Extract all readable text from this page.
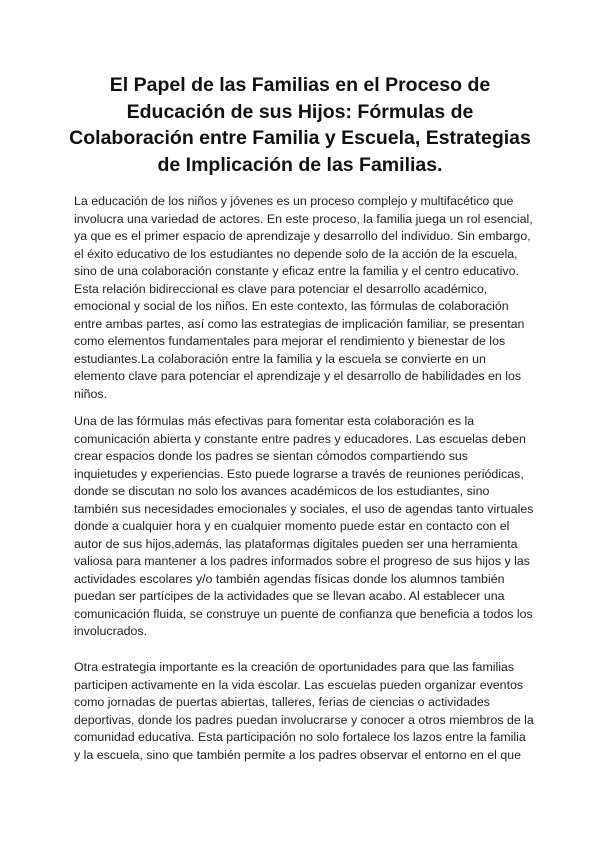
El Papel de las Familias en el Proceso de
Educación de sus Hijos: Fórmulas de
Colaboración entre Familia y Escuela, Estrategias
de Implicación de las Familias.

La educación de los niños y jóvenes es un proceso complejo y multifacético que
involucra una variedad de actores. En este proceso, la familia juega un rol esencial,
ya que es el primer espacio de aprendizaje y desarrollo del individuo. Sin embargo,
el éxito educativo de los estudiantes no depende solo de la acción de la escuela,
sino de una colaboración constante y eficaz entre la familia y el centro educativo.
Esta relación bidireccional es clave para potenciar el desarrollo académico,
emocional y social de los niños. En este contexto, las fórmulas de colaboración
entre ambas partes, así como las estrategias de implicación familiar, se presentan
como elementos fundamentales para mejorar el rendimiento y bienestar de los
estudiantes.La colaboración entre la familia y la escuela se convierte en un
elemento clave para potenciar el aprendizaje y el desarrollo de habilidades en los
niños.

Una de las fórmulas más efectivas para fomentar esta colaboración es la
comunicación abierta y constante entre padres y educadores. Las escuelas deben
crear espacios donde los padres se sientan cómodos compartiendo sus
inquietudes y experiencias. Esto puede lograrse a través de reuniones periódicas,
donde se discutan no solo los avances académicos de los estudiantes, sino
también sus necesidades emocionales y sociales, el uso de agendas tanto virtuales
donde a cualquier hora y en cualquier momento puede estar en contacto con el
autor de sus hijos,además, las plataformas digitales pueden ser una herramienta
valiosa para mantener a los padres informados sobre el progreso de sus hijos y las
actividades escolares y/o también agendas físicas donde los alumnos también
puedan ser partícipes de la actividades que se llevan acabo. Al establecer una
comunicación fluida, se construye un puente de confianza que beneficia a todos los
involucrados.

Otra estrategia importante es la creación de oportunidades para que las familias
participen activamente en la vida escolar. Las escuelas pueden organizar eventos
como jornadas de puertas abiertas, talleres, ferias de ciencias o actividades
deportivas, donde los padres puedan involucrarse y conocer a otros miembros de la
comunidad educativa. Esta participación no solo fortalece los lazos entre la familia
y la escuela, sino que también permite a los padres observar el entorno en el que
